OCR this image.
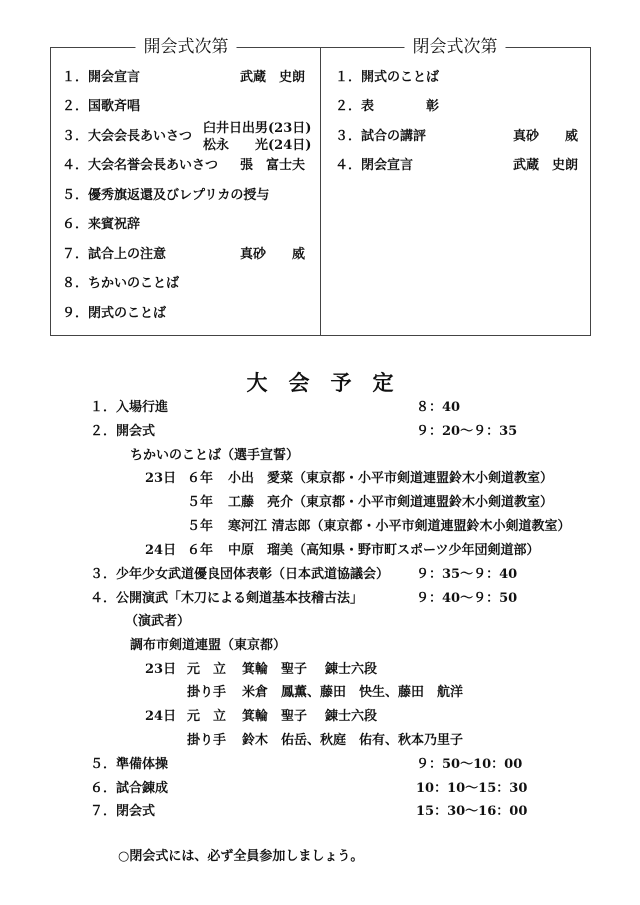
開会式次第	閉会式次第
１．開会宣言	武蔵　史朗
２．国歌斉唱
３．大会会長あいさつ
臼井日出男(23日)
松永　　光(24日)
４．大会名誉会長あいさつ 張　富士夫
５．優秀旗返還及びレプリカの授与
６．来賓祝辞
７．試合上の注意	真砂　　威
８．ちかいのことば
９．閉式のことば
１．開式のことば
２．表　　　　彰
３．試合の講評	真砂　　威
４．閉会宣言	武蔵　史朗
大　会　予　定
１．入場行進	８：40
２．開会式	９：20～９：35
ちかいのことば（選手宣誓）
23日 ６年 小出　愛菜（東京都・小平市剣道連盟鈴木小剣道教室）
５年 工藤　亮介（東京都・小平市剣道連盟鈴木小剣道教室）
５年 寒河江 清志郎（東京都・小平市剣道連盟鈴木小剣道教室）
24日 ６年 中原　瑠美（高知県・野市町スポーツ少年団剣道部）
３．少年少女武道優良団体表彰（日本武道協議会） ９：35～９：40
４．公開演武「木刀による剣道基本技稽古法」	９：40～９：50
（演武者）
調布市剣道連盟（東京都）
23日 元　立 箕輪　聖子 錬士六段
掛り手 米倉　鳳薫、藤田　快生、藤田　航洋
24日 元　立 箕輪　聖子 錬士六段
掛り手 鈴木　佑岳、秋庭　佑有、秋本乃里子
５．準備体操	９：50～10：00
６．試合錬成	10：10～15：30
７．閉会式	15：30～16：00
○閉会式には、必ず全員参加しましょう。
